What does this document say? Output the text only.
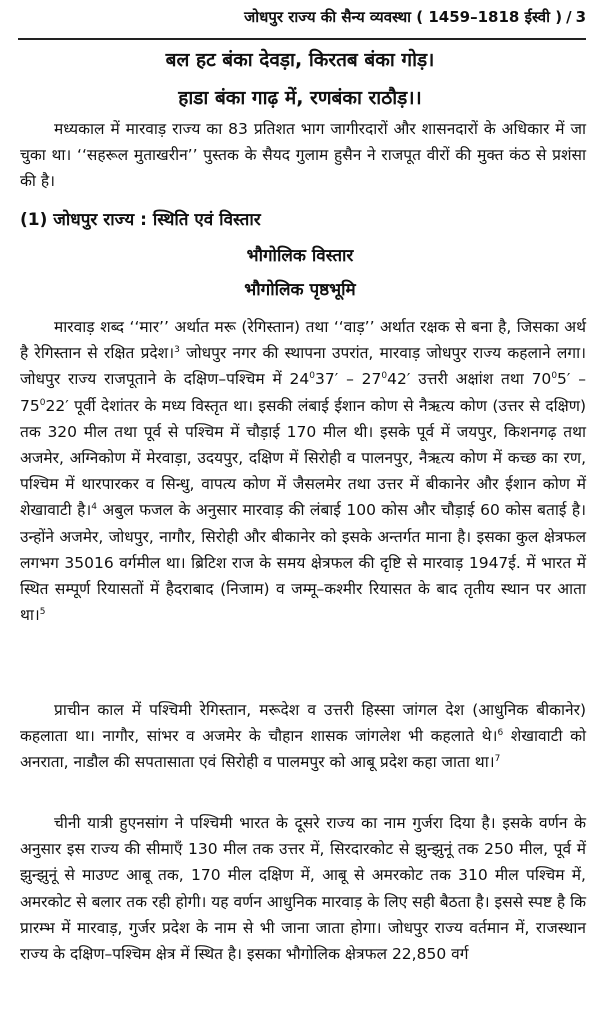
जोधपुर राज्य की सैन्य व्यवस्था ( 1459–1818 ईस्वी ) / 3
बल हट बंका देवड़ा, किरतब बंका गोड़।
हाडा बंका गाढ़ में, रणबंका राठौड़।।

मध्यकाल में मारवाड़ राज्य का 83 प्रतिशत भाग जागीरदारों और शासनदारों के अधिकार में जा चुका था। ‘‘सहरूल मुताखरीन’’ पुस्तक के सैयद गुलाम हुसैन ने राजपूत वीरों की मुक्त कंठ से प्रशंसा की है।

(1) जोधपुर राज्य : स्थिति एवं विस्तार
भौगोलिक विस्तार
भौगोलिक पृष्ठभूमि

मारवाड़ शब्द ‘‘मार’’ अर्थात मरू (रेगिस्तान) तथा ‘‘वाड़’’ अर्थात रक्षक से बना है, जिसका अर्थ है रेगिस्तान से रक्षित प्रदेश।$^3$ जोधपुर नगर की स्थापना उपरांत, मारवाड़ जोधपुर राज्य कहलाने लगा। जोधपुर राज्य राजपूताने के दक्षिण–पश्चिम में $24^037' - 27^042'$ उत्तरी अक्षांश तथा $70^05' - 75^022'$ पूर्वी देशांतर के मध्य विस्तृत था। इसकी लंबाई ईशान कोण से नैऋत्य कोण (उत्तर से दक्षिण) तक 320 मील तथा पूर्व से पश्चिम में चौड़ाई 170 मील थी। इसके पूर्व में जयपुर, किशनगढ़ तथा अजमेर, अग्निकोण में मेरवाड़ा, उदयपुर, दक्षिण में सिरोही व पालनपुर, नैऋत्य कोण में कच्छ का रण, पश्चिम में थारपारकर व सिन्धु, वापत्य कोण में जैसलमेर तथा उत्तर में बीकानेर और ईशान कोण में शेखावाटी है।$^4$ अबुल फजल के अनुसार मारवाड़ की लंबाई 100 कोस और चौड़ाई 60 कोस बताई है। उन्होंने अजमेर, जोधपुर, नागौर, सिरोही और बीकानेर को इसके अन्तर्गत माना है। इसका कुल क्षेत्रफल लगभग 35016 वर्गमील था। ब्रिटिश राज के समय क्षेत्रफल की दृष्टि से मारवाड़ 1947ई. में भारत में स्थित सम्पूर्ण रियासतों में हैदराबाद (निजाम) व जम्मू–कश्मीर रियासत के बाद तृतीय स्थान पर आता था।$^5$

प्राचीन काल में पश्चिमी रेगिस्तान, मरूदेश व उत्तरी हिस्सा जांगल देश (आधुनिक बीकानेर) कहलाता था। नागौर, सांभर व अजमेर के चौहान शासक जांगलेश भी कहलाते थे।$^6$ शेखावाटी को अनराता, नाडौल की सपतासाता एवं सिरोही व पालमपुर को आबू प्रदेश कहा जाता था।$^7$

चीनी यात्री हुएनसांग ने पश्चिमी भारत के दूसरे राज्य का नाम गुर्जरा दिया है। इसके वर्णन के अनुसार इस राज्य की सीमाएँ 130 मील तक उत्तर में, सिरदारकोट से झुन्झुनूं तक 250 मील, पूर्व में झुन्झुनूं से माउण्ट आबू तक, 170 मील दक्षिण में, आबू से अमरकोट तक 310 मील पश्चिम में, अमरकोट से बलार तक रही होगी। यह वर्णन आधुनिक मारवाड़ के लिए सही बैठता है। इससे स्पष्ट है कि प्रारम्भ में मारवाड़, गुर्जर प्रदेश के नाम से भी जाना जाता होगा। जोधपुर राज्य वर्तमान में, राजस्थान राज्य के दक्षिण–पश्चिम क्षेत्र में स्थित है। इसका भौगोलिक क्षेत्रफल 22,850 वर्ग
